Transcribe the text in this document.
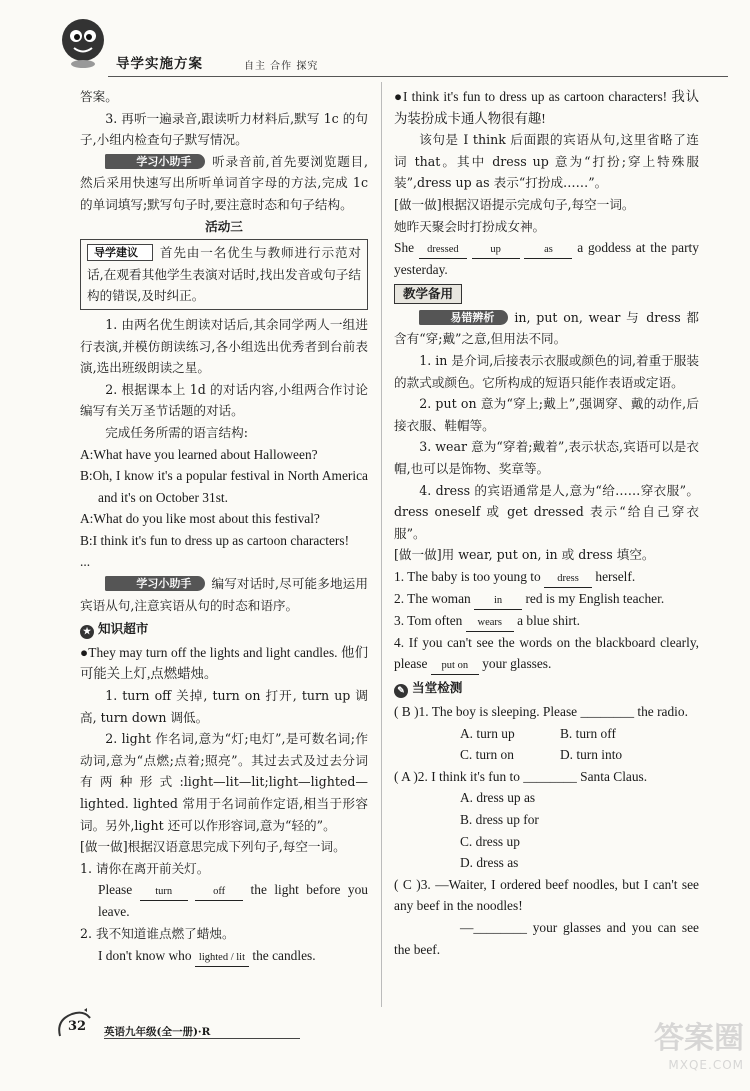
导学实施方案	自主 合作 探究

答案。

3. 再听一遍录音,跟读听力材料后,默写 1c 的句子,小组内检查句子默写情况。

学习小助手 听录音前,首先要浏览题目,然后采用快速写出所听单词首字母的方法,完成 1c 的单词填写;默写句子时,要注意时态和句子结构。

活动三

导学建议 首先由一名优生与教师进行示范对话,在观看其他学生表演对话时,找出发音或句子结构的错误,及时纠正。

1. 由两名优生朗读对话后,其余同学两人一组进行表演,并模仿朗读练习,各小组选出优秀者到台前表演,选出班级朗读之星。

2. 根据课本上 1d 的对话内容,小组两合作讨论编写有关万圣节话题的对话。

完成任务所需的语言结构:

A:What have you learned about Halloween?

B:Oh, I know it's a popular festival in North America and it's on October 31st.

A:What do you like most about this festival?

B:I think it's fun to dress up as cartoon characters!

...

学习小助手 编写对话时,尽可能多地运用宾语从句,注意宾语从句的时态和语序。

★ 知识超市

●They may turn off the lights and light candles. 他们可能关上灯,点燃蜡烛。

1. turn off 关掉, turn on 打开, turn up 调高, turn down 调低。

2. light 作名词,意为“灯;电灯”,是可数名词;作动词,意为“点燃;点着;照亮”。其过去式及过去分词有两种形式:light—lit—lit;light—lighted—lighted. lighted 常用于名词前作定语,相当于形容词。另外,light 还可以作形容词,意为“轻的”。

[做一做]根据汉语意思完成下列句子,每空一词。

1. 请你在离开前关灯。

Please turn	off the light before you leave.

2. 我不知道谁点燃了蜡烛。

I don't know who lighted / lit the candles.

●I think it's fun to dress up as cartoon characters! 我认为装扮成卡通人物很有趣!

该句是 I think 后面跟的宾语从句,这里省略了连词 that。其中 dress up 意为“打扮;穿上特殊服装”,dress up as 表示“打扮成……”。

[做一做]根据汉语提示完成句子,每空一词。

她昨天聚会时打扮成女神。

She dressed	up	as a goddess at the party yesterday.

教学备用

易错辨析 in, put on, wear 与 dress 都含有“穿;戴”之意,但用法不同。

1. in 是介词,后接表示衣服或颜色的词,着重于服装的款式或颜色。它所构成的短语只能作表语或定语。

2. put on 意为“穿上;戴上”,强调穿、戴的动作,后接衣服、鞋帽等。

3. wear 意为“穿着;戴着”,表示状态,宾语可以是衣帽,也可以是饰物、奖章等。

4. dress 的宾语通常是人,意为“给……穿衣服”。dress oneself 或 get dressed 表示“给自己穿衣服”。

[做一做]用 wear, put on, in 或 dress 填空。

1. The baby is too young to dress herself.

2. The woman in red is my English teacher.

3. Tom often wears a blue shirt.

4. If you can't see the words on the blackboard clearly, please put on your glasses.

✎ 当堂检测

( B )1. The boy is sleeping. Please ________ the radio.

A. turn up	B. turn off

C. turn on	D. turn into

( A )2. I think it's fun to ________ Santa Claus.

A. dress up as

B. dress up for

C. dress up

D. dress as

( C )3. —Waiter, I ordered beef noodles, but I can't see any beef in the noodles!

—________ your glasses and you can see the beef.

32	英语九年级(全一册)·R	答案圈
MXQE.COM
